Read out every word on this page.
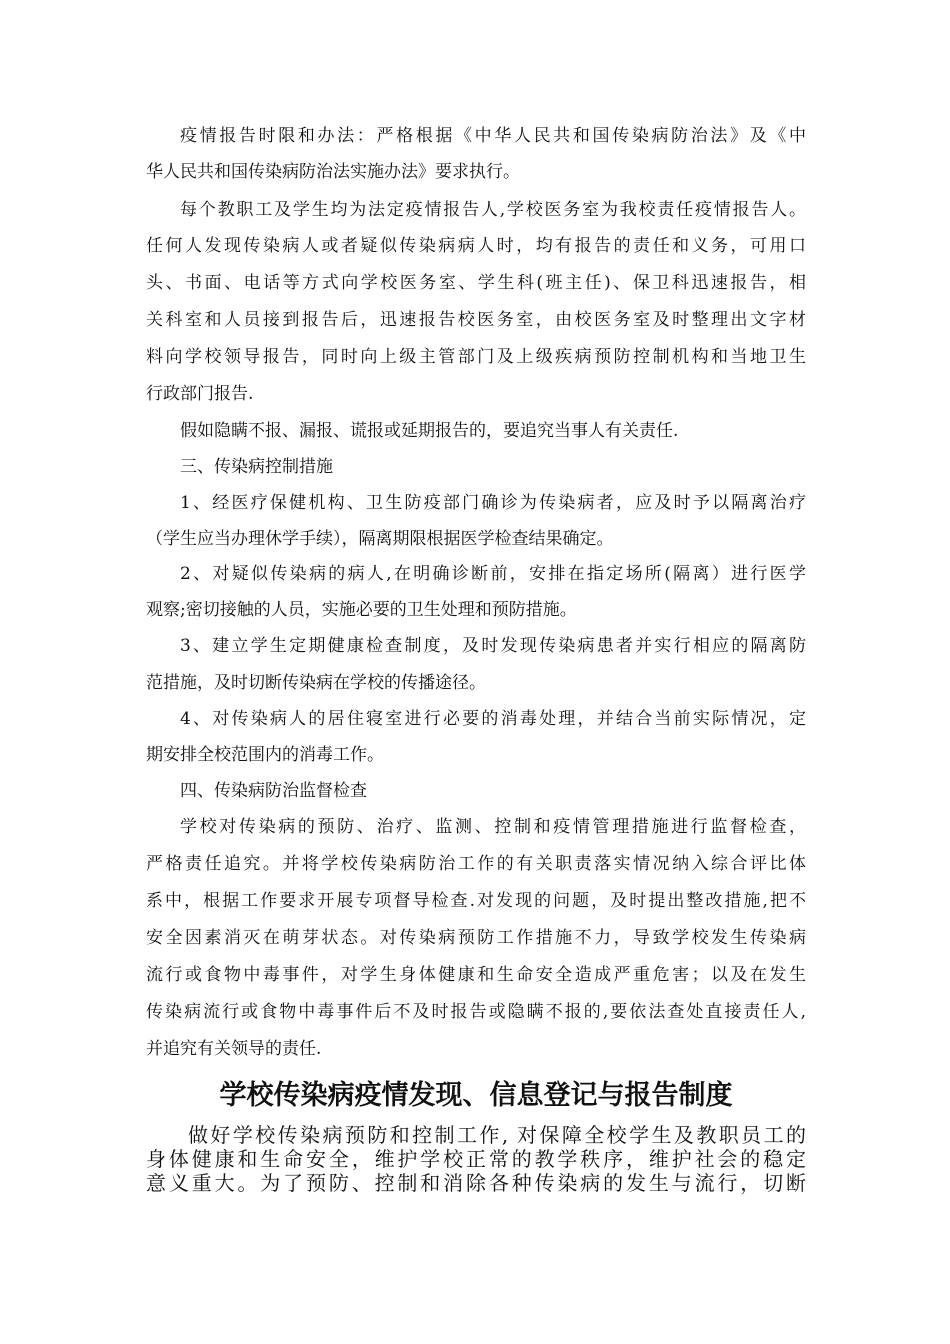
疫情报告时限和办法：严格根据《中华人民共和国传染病防治法》及《中
华人民共和国传染病防治法实施办法》要求执行。
每个教职工及学生均为法定疫情报告人,学校医务室为我校责任疫情报告人。
任何人发现传染病人或者疑似传染病病人时，均有报告的责任和义务，可用口
头、书面、电话等方式向学校医务室、学生科(班主任)、保卫科迅速报告，相
关科室和人员接到报告后，迅速报告校医务室，由校医务室及时整理出文字材
料向学校领导报告，同时向上级主管部门及上级疾病预防控制机构和当地卫生
行政部门报告.
假如隐瞒不报、漏报、谎报或延期报告的，要追究当事人有关责任.
三、传染病控制措施
1、经医疗保健机构、卫生防疫部门确诊为传染病者，应及时予以隔离治疗
（学生应当办理休学手续），隔离期限根据医学检查结果确定。
2、对疑似传染病的病人,在明确诊断前，安排在指定场所(隔离）进行医学
观察;密切接触的人员，实施必要的卫生处理和预防措施。
3、建立学生定期健康检查制度，及时发现传染病患者并实行相应的隔离防
范措施，及时切断传染病在学校的传播途径。
4、对传染病人的居住寝室进行必要的消毒处理，并结合当前实际情况，定
期安排全校范围内的消毒工作。
四、传染病防治监督检查
学校对传染病的预防、治疗、监测、控制和疫情管理措施进行监督检查，
严格责任追究。并将学校传染病防治工作的有关职责落实情况纳入综合评比体
系中，根据工作要求开展专项督导检查.对发现的问题，及时提出整改措施,把不
安全因素消灭在萌芽状态。对传染病预防工作措施不力，导致学校发生传染病
流行或食物中毒事件，对学生身体健康和生命安全造成严重危害；以及在发生
传染病流行或食物中毒事件后不及时报告或隐瞒不报的,要依法查处直接责任人,
并追究有关领导的责任.
学校传染病疫情发现、信息登记与报告制度
做好学校传染病预防和控制工作, 对保障全校学生及教职员工的
身体健康和生命安全，维护学校正常的教学秩序，维护社会的稳定
意义重大。为了预防、控制和消除各种传染病的发生与流行，切断
